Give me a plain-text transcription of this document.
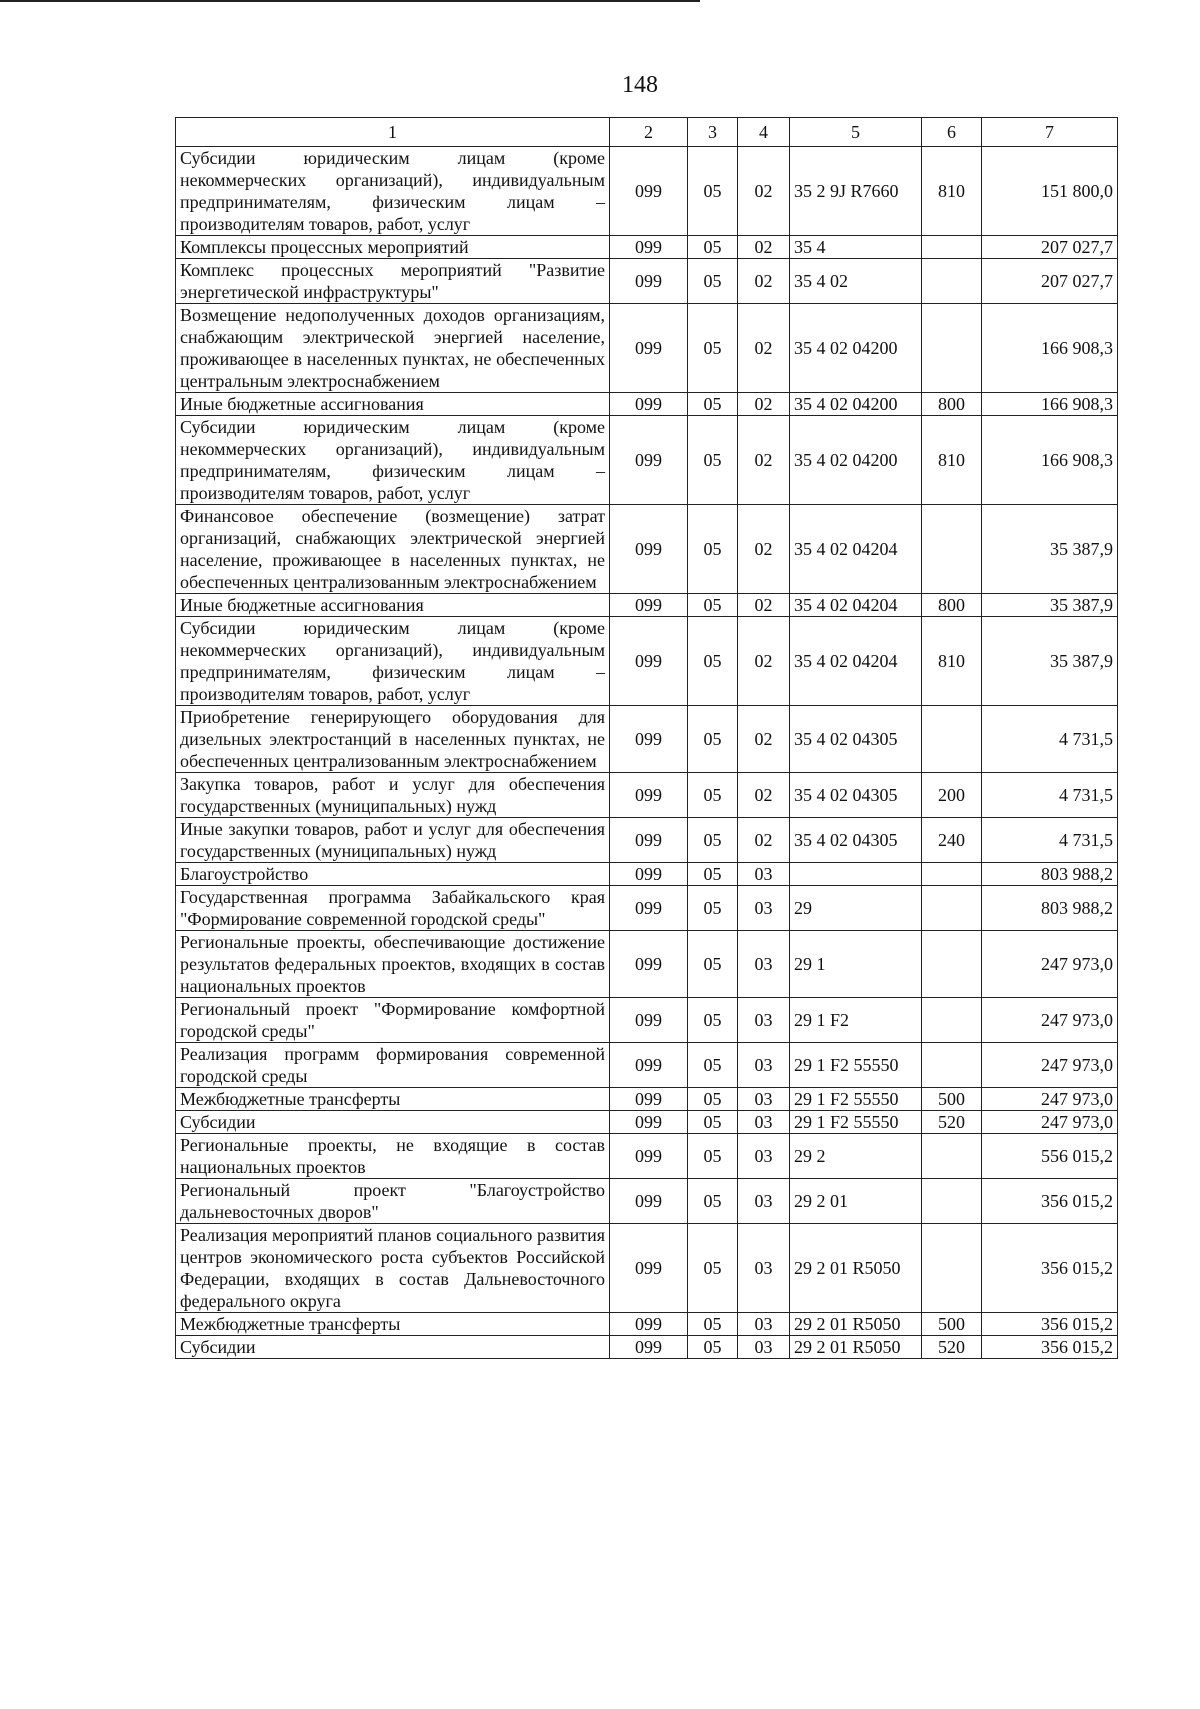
148
1	2	3	4	5	6	7
Субсидии юридическим лицам (кроме некоммерческих организаций), индивидуальным предпринимателям, физическим лицам – производителям товаров, работ, услуг	099	05	02	35 2 9J R7660	810	151 800,0
Комплексы процессных мероприятий	099	05	02	35 4		207 027,7
Комплекс процессных мероприятий "Развитие энергетической инфраструктуры"	099	05	02	35 4 02		207 027,7
Возмещение недополученных доходов организациям, снабжающим электрической энергией население, проживающее в населенных пунктах, не обеспеченных центральным электроснабжением	099	05	02	35 4 02 04200		166 908,3
Иные бюджетные ассигнования	099	05	02	35 4 02 04200	800	166 908,3
Субсидии юридическим лицам (кроме некоммерческих организаций), индивидуальным предпринимателям, физическим лицам – производителям товаров, работ, услуг	099	05	02	35 4 02 04200	810	166 908,3
Финансовое обеспечение (возмещение) затрат организаций, снабжающих электрической энергией население, проживающее в населенных пунктах, не обеспеченных централизованным электроснабжением	099	05	02	35 4 02 04204		35 387,9
Иные бюджетные ассигнования	099	05	02	35 4 02 04204	800	35 387,9
Субсидии юридическим лицам (кроме некоммерческих организаций), индивидуальным предпринимателям, физическим лицам – производителям товаров, работ, услуг	099	05	02	35 4 02 04204	810	35 387,9
Приобретение генерирующего оборудования для дизельных электростанций в населенных пунктах, не обеспеченных централизованным электроснабжением	099	05	02	35 4 02 04305		4 731,5
Закупка товаров, работ и услуг для обеспечения государственных (муниципальных) нужд	099	05	02	35 4 02 04305	200	4 731,5
Иные закупки товаров, работ и услуг для обеспечения государственных (муниципальных) нужд	099	05	02	35 4 02 04305	240	4 731,5
Благоустройство	099	05	03			803 988,2
Государственная программа Забайкальского края "Формирование современной городской среды"	099	05	03	29		803 988,2
Региональные проекты, обеспечивающие достижение результатов федеральных проектов, входящих в состав национальных проектов	099	05	03	29 1		247 973,0
Региональный проект "Формирование комфортной городской среды"	099	05	03	29 1 F2		247 973,0
Реализация программ формирования современной городской среды	099	05	03	29 1 F2 55550		247 973,0
Межбюджетные трансферты	099	05	03	29 1 F2 55550	500	247 973,0
Субсидии	099	05	03	29 1 F2 55550	520	247 973,0
Региональные проекты, не входящие в состав национальных проектов	099	05	03	29 2		556 015,2
Региональный проект "Благоустройство дальневосточных дворов"	099	05	03	29 2 01		356 015,2
Реализация мероприятий планов социального развития центров экономического роста субъектов Российской Федерации, входящих в состав Дальневосточного федерального округа	099	05	03	29 2 01 R5050		356 015,2
Межбюджетные трансферты	099	05	03	29 2 01 R5050	500	356 015,2
Субсидии	099	05	03	29 2 01 R5050	520	356 015,2
